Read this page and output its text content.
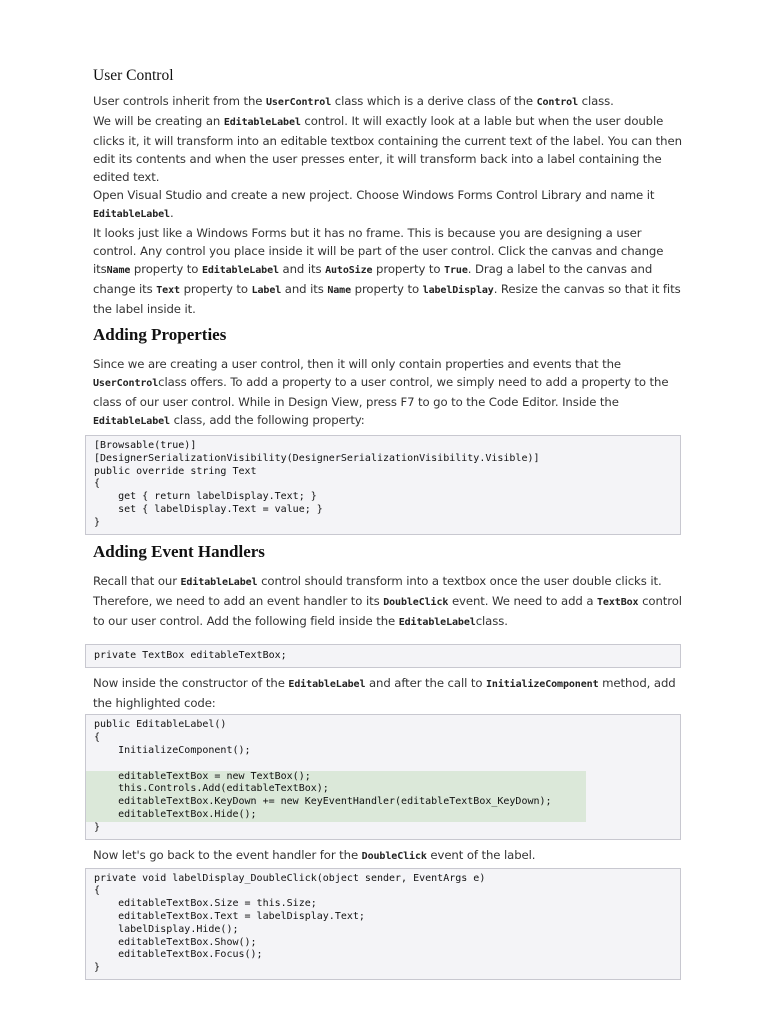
User Control

User controls inherit from the UserControl class which is a derive class of the Control class.

We will be creating an EditableLabel control. It will exactly look at a lable but when the user double clicks it, it will transform into an editable textbox containing the current text of the label. You can then edit its contents and when the user presses enter, it will transform back into a label containing the edited text.

Open Visual Studio and create a new project. Choose Windows Forms Control Library and name it EditableLabel.

It looks just like a Windows Forms but it has no frame. This is because you are designing a user control. Any control you place inside it will be part of the user control. Click the canvas and change itsName property to EditableLabel and its AutoSize property to True. Drag a label to the canvas and change its Text property to Label and its Name property to labelDisplay. Resize the canvas so that it fits the label inside it.

Adding Properties

Since we are creating a user control, then it will only contain properties and events that the UserControlclass offers. To add a property to a user control, we simply need to add a property to the class of our user control. While in Design View, press F7 to go to the Code Editor. Inside the EditableLabel class, add the following property:

[Browsable(true)]
[DesignerSerializationVisibility(DesignerSerializationVisibility.Visible)]
public override string Text
{
get { return labelDisplay.Text; }
set { labelDisplay.Text = value; }
}
Adding Event Handlers

Recall that our EditableLabel control should transform into a textbox once the user double clicks it. Therefore, we need to add an event handler to its DoubleClick event. We need to add a TextBox control to our user control. Add the following field inside the EditableLabelclass.

private TextBox editableTextBox;

Now inside the constructor of the EditableLabel and after the call to InitializeComponent method, add the highlighted code:

public EditableLabel()
{
InitializeComponent();
editableTextBox = new TextBox();
this.Controls.Add(editableTextBox);
editableTextBox.KeyDown += new KeyEventHandler(editableTextBox_KeyDown);
editableTextBox.Hide();
}

Now let's go back to the event handler for the DoubleClick event of the label.

private void labelDisplay_DoubleClick(object sender, EventArgs e)
{
editableTextBox.Size = this.Size;
editableTextBox.Text = labelDisplay.Text;
labelDisplay.Hide();
editableTextBox.Show();
editableTextBox.Focus();
}
